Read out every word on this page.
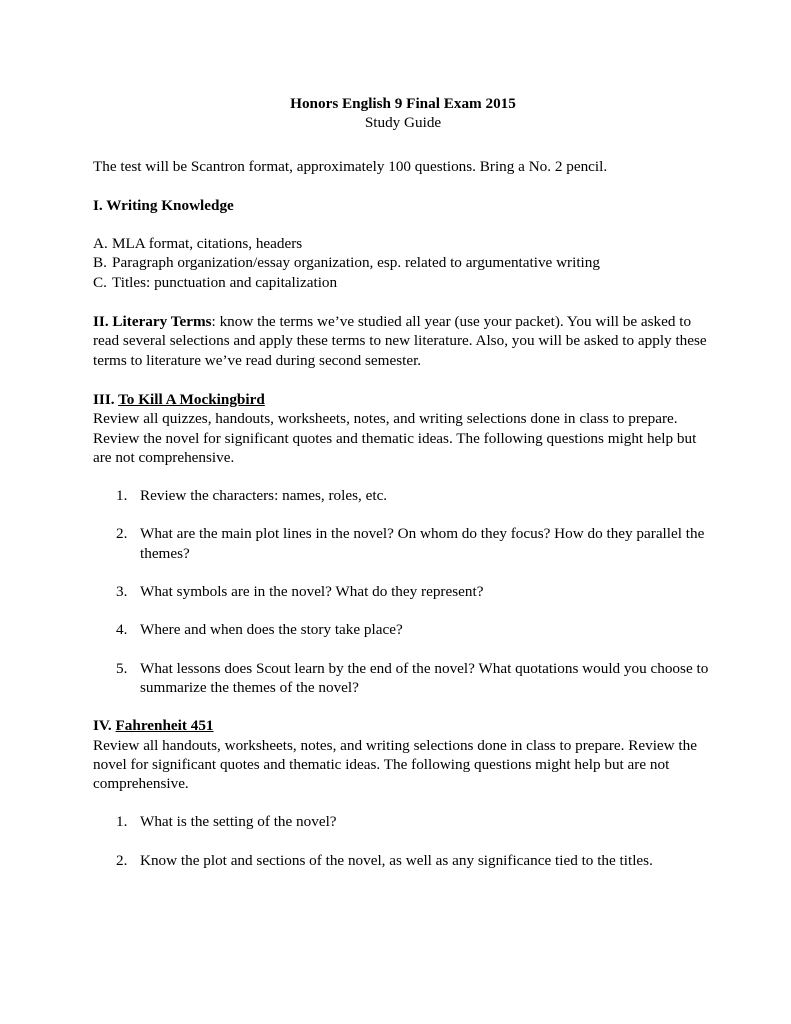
Honors English 9 Final Exam 2015

Study Guide

The test will be Scantron format, approximately 100 questions. Bring a No. 2 pencil.

I. Writing Knowledge

A. MLA format, citations, headers
B. Paragraph organization/essay organization, esp. related to argumentative writing
C. Titles: punctuation and capitalization

II. Literary Terms: know the terms we’ve studied all year (use your packet). You will be asked to read several selections and apply these terms to new literature. Also, you will be asked to apply these terms to literature we’ve read during second semester.

III. To Kill A Mockingbird

Review all quizzes, handouts, worksheets, notes, and writing selections done in class to prepare. Review the novel for significant quotes and thematic ideas. The following questions might help but are not comprehensive.

1. Review the characters: names, roles, etc.
2. What are the main plot lines in the novel? On whom do they focus? How do they parallel the themes?
3. What symbols are in the novel? What do they represent?
4. Where and when does the story take place?
5. What lessons does Scout learn by the end of the novel? What quotations would you choose to summarize the themes of the novel?

IV. Fahrenheit 451

Review all handouts, worksheets, notes, and writing selections done in class to prepare. Review the novel for significant quotes and thematic ideas. The following questions might help but are not comprehensive.

1. What is the setting of the novel?
2. Know the plot and sections of the novel, as well as any significance tied to the titles.
